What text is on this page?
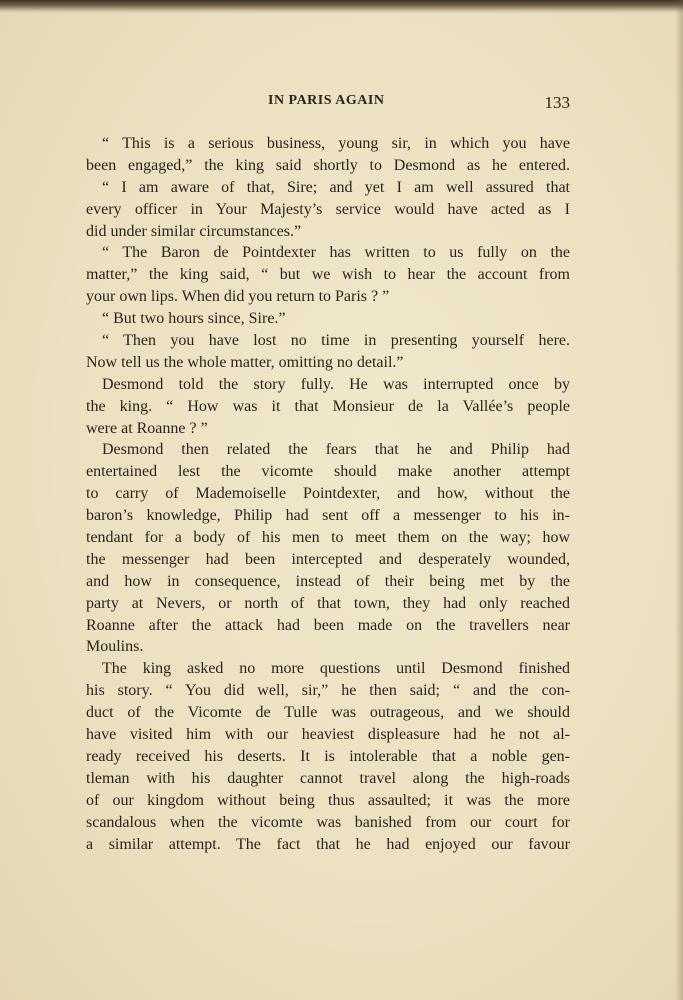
IN PARIS AGAIN	133
“ This is a serious business, young sir, in which you have
been engaged,” the king said shortly to Desmond as he entered.
“ I am aware of that, Sire; and yet I am well assured that
every officer in Your Majesty’s service would have acted as I
did under similar circumstances.”
“ The Baron de Pointdexter has written to us fully on the
matter,” the king said, “ but we wish to hear the account from
your own lips. When did you return to Paris ? ”
“ But two hours since, Sire.”
“ Then you have lost no time in presenting yourself here.
Now tell us the whole matter, omitting no detail.”
Desmond told the story fully. He was interrupted once by
the king. “ How was it that Monsieur de la Vallée’s people
were at Roanne ? ”
Desmond then related the fears that he and Philip had
entertained lest the vicomte should make another attempt
to carry of Mademoiselle Pointdexter, and how, without the
baron’s knowledge, Philip had sent off a messenger to his in-
tendant for a body of his men to meet them on the way; how
the messenger had been intercepted and desperately wounded,
and how in consequence, instead of their being met by the
party at Nevers, or north of that town, they had only reached
Roanne after the attack had been made on the travellers near
Moulins.
The king asked no more questions until Desmond finished
his story. “ You did well, sir,” he then said; “ and the con-
duct of the Vicomte de Tulle was outrageous, and we should
have visited him with our heaviest displeasure had he not al-
ready received his deserts. It is intolerable that a noble gen-
tleman with his daughter cannot travel along the high-roads
of our kingdom without being thus assaulted; it was the more
scandalous when the vicomte was banished from our court for
a similar attempt. The fact that he had enjoyed our favour
